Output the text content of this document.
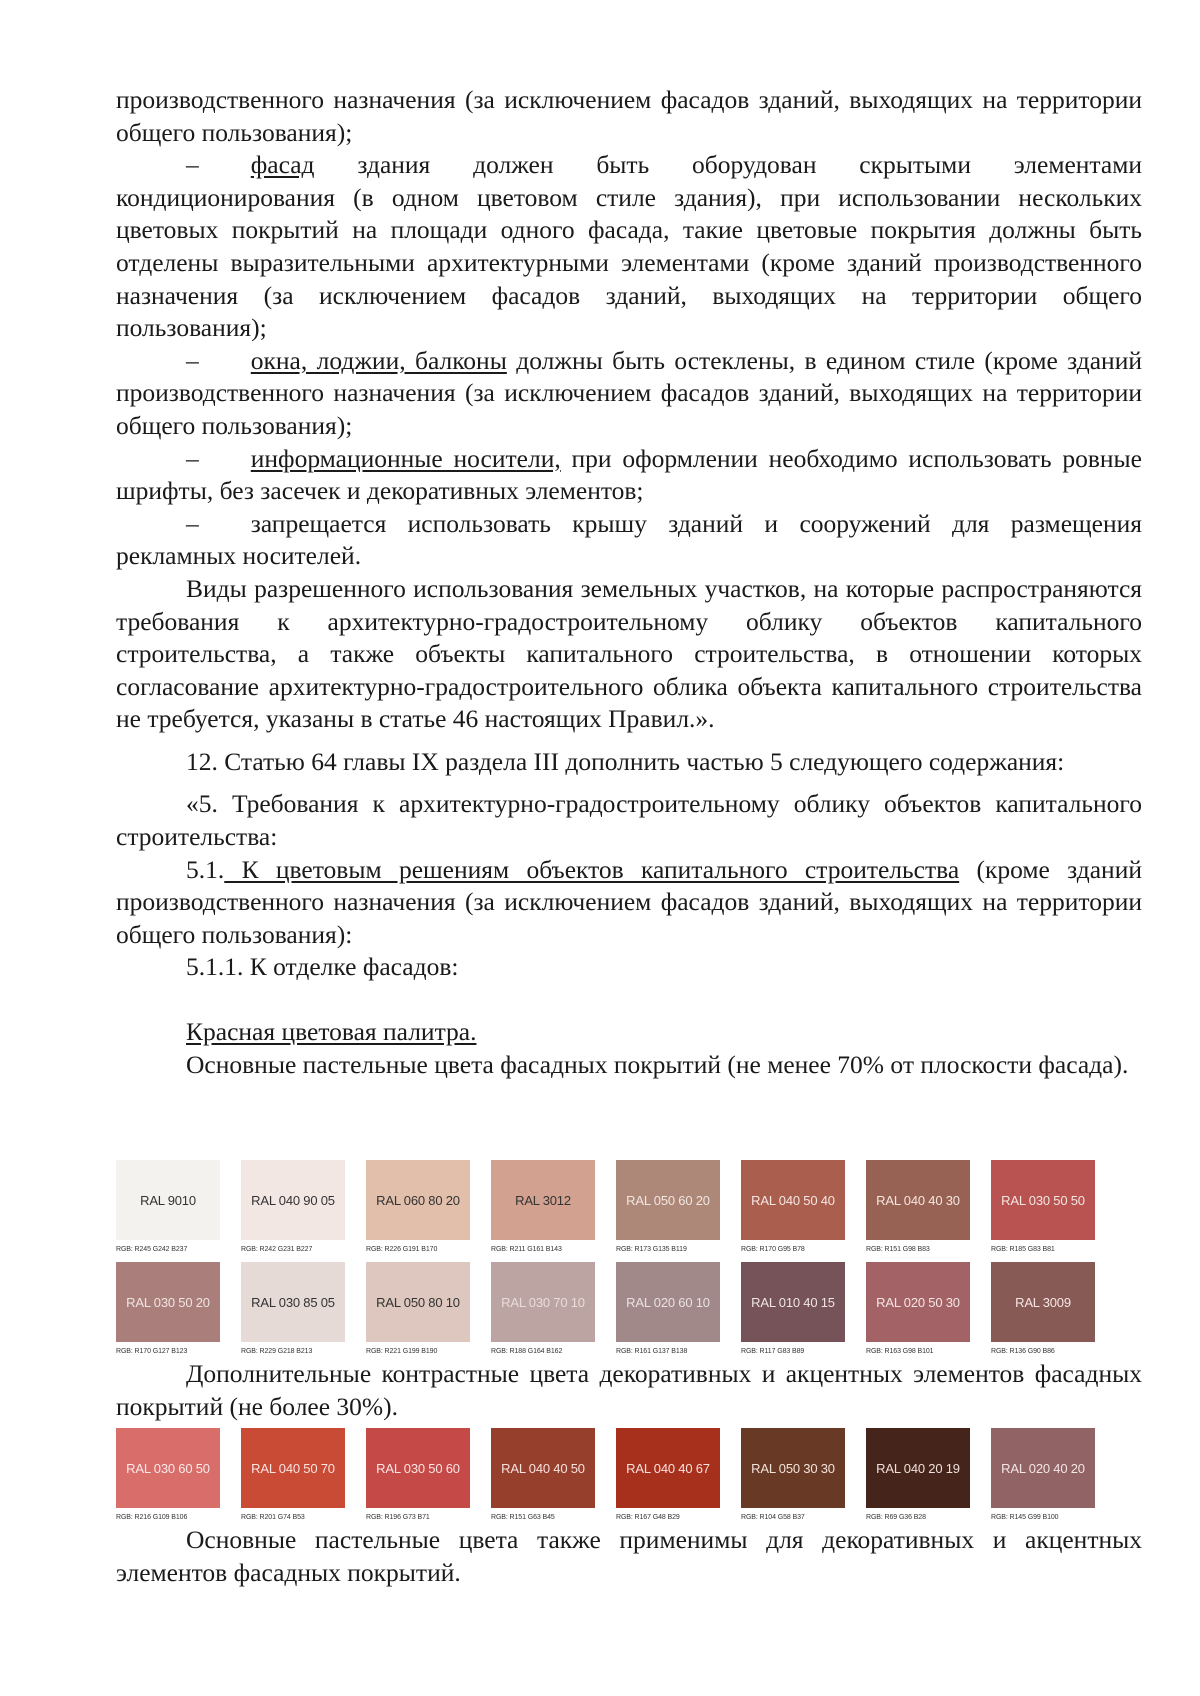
производственного назначения (за исключением фасадов зданий, выходящих на территории общего пользования);

– фасад здания должен быть оборудован скрытыми элементами кондиционирования (в одном цветовом стиле здания), при использовании нескольких цветовых покрытий на площади одного фасада, такие цветовые покрытия должны быть отделены выразительными архитектурными элементами (кроме зданий производственного назначения (за исключением фасадов зданий, выходящих на территории общего пользования);

– окна, лоджии, балконы должны быть остеклены, в едином стиле (кроме зданий производственного назначения (за исключением фасадов зданий, выходящих на территории общего пользования);

– информационные носители, при оформлении необходимо использовать ровные шрифты, без засечек и декоративных элементов;

– запрещается использовать крышу зданий и сооружений для размещения рекламных носителей.

Виды разрешенного использования земельных участков, на которые распространяются требования к архитектурно-градостроительному облику объектов капитального строительства, а также объекты капитального строительства, в отношении которых согласование архитектурно-градостроительного облика объекта капитального строительства не требуется, указаны в статье 46 настоящих Правил.».

12. Статью 64 главы IX раздела III дополнить частью 5 следующего содержания:

«5. Требования к архитектурно-градостроительному облику объектов капитального строительства:

5.1. К цветовым решениям объектов капитального строительства (кроме зданий производственного назначения (за исключением фасадов зданий, выходящих на территории общего пользования):

5.1.1. К отделке фасадов:

Красная цветовая палитра.

Основные пастельные цвета фасадных покрытий (не менее 70% от плоскости фасада).

RAL 9010
RGB: R245 G242 B237
RAL 040 90 05
RGB: R242 G231 B227
RAL 060 80 20
RGB: R226 G191 B170
RAL 3012
RGB: R211 G161 B143
RAL 050 60 20
RGB: R173 G135 B119
RAL 040 50 40
RGB: R170 G95 B78
RAL 040 40 30
RGB: R151 G98 B83
RAL 030 50 50
RGB: R185 G83 B81
RAL 030 50 20
RGB: R170 G127 B123
RAL 030 85 05
RGB: R229 G218 B213
RAL 050 80 10
RGB: R221 G199 B190
RAL 030 70 10
RGB: R188 G164 B162
RAL 020 60 10
RGB: R161 G137 B138
RAL 010 40 15
RGB: R117 G83 B89
RAL 020 50 30
RGB: R163 G98 B101
RAL 3009
RGB: R136 G90 B86

Дополнительные контрастные цвета декоративных и акцентных элементов фасадных покрытий (не более 30%).

RAL 030 60 50
RGB: R216 G109 B106
RAL 040 50 70
RGB: R201 G74 B53
RAL 030 50 60
RGB: R196 G73 B71
RAL 040 40 50
RGB: R151 G63 B45
RAL 040 40 67
RGB: R167 G48 B29
RAL 050 30 30
RGB: R104 G58 B37
RAL 040 20 19
RGB: R69 G36 B28
RAL 020 40 20
RGB: R145 G99 B100

Основные пастельные цвета также применимы для декоративных и акцентных элементов фасадных покрытий.
